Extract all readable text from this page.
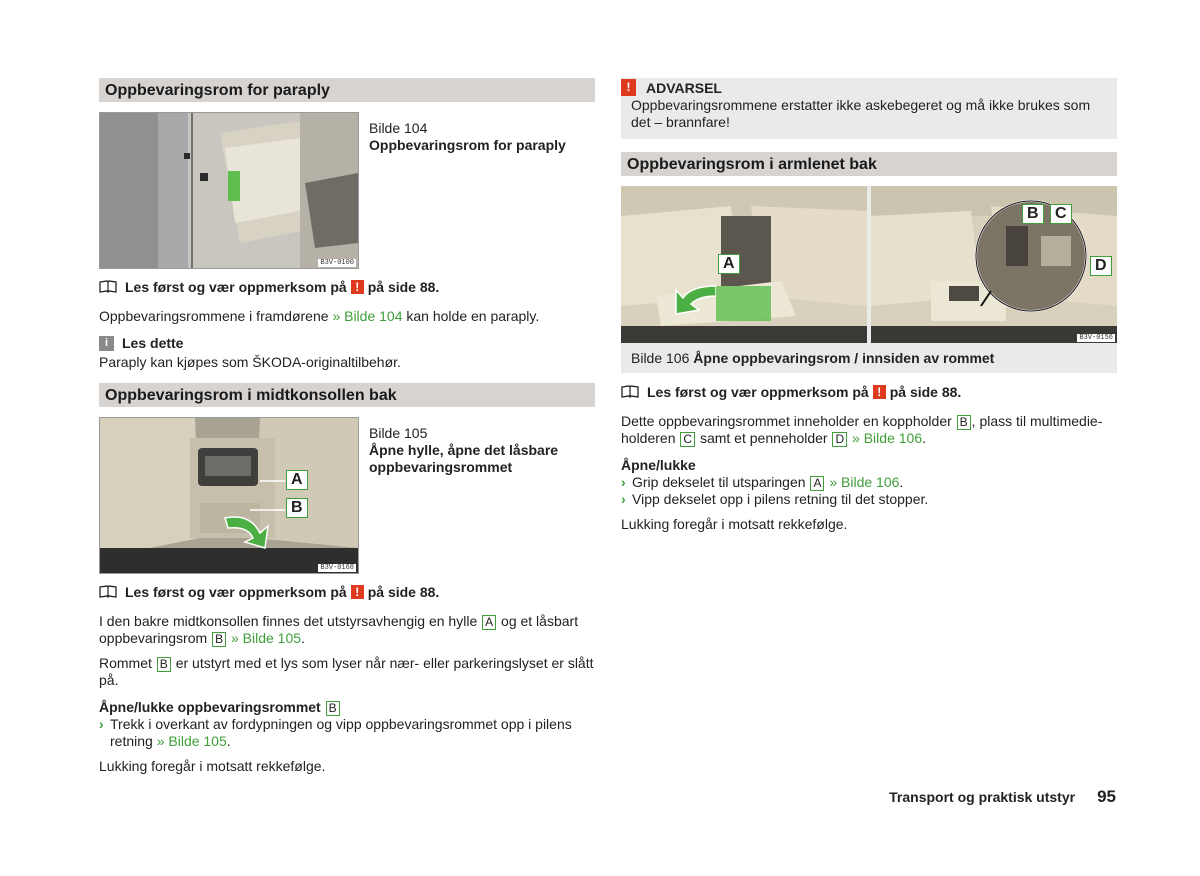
Oppbevaringsrom for paraply
B3V-0100
Bilde 104
Oppbevaringsrom for paraply
Les først og vær oppmerksom på ! på side 88.

Oppbevaringsrommene i framdørene » Bilde 104 kan holde en paraply.

i Les dette

Paraply kan kjøpes som ŠKODA-originaltilbehør.

Oppbevaringsrom i midtkonsollen bak
A
B
B3V-0168
Bilde 105
Åpne hylle, åpne det låsbare oppbevaringsrommet
Les først og vær oppmerksom på ! på side 88.

I den bakre midtkonsollen finnes det utstyrsavhengig en hylle A og et låsbart oppbevaringsrom B » Bilde 105.

Rommet B er utstyrt med et lys som lyser når nær- eller parkeringslyset er slått på.

Åpne/lukke oppbevaringsrommet B
› Trekk i overkant av fordypningen og vipp oppbevaringsrommet opp i pilens retning » Bilde 105.

Lukking foregår i motsatt rekkefølge.

!	ADVARSEL

Oppbevaringsrommene erstatter ikke askebegeret og må ikke brukes som det – brannfare!

Oppbevaringsrom i armlenet bak
A
B	C
D
B3V-0156
Bilde 106 Åpne oppbevaringsrom / innsiden av rommet
Les først og vær oppmerksom på ! på side 88.

Dette oppbevaringsrommet inneholder en koppholder B , plass til multimedie-holderen C samt et penneholder D » Bilde 106.

Åpne/lukke
› Grip dekselet til utsparingen A » Bilde 106.
› Vipp dekselet opp i pilens retning til det stopper.

Lukking foregår i motsatt rekkefølge.

Transport og praktisk utstyr 95
